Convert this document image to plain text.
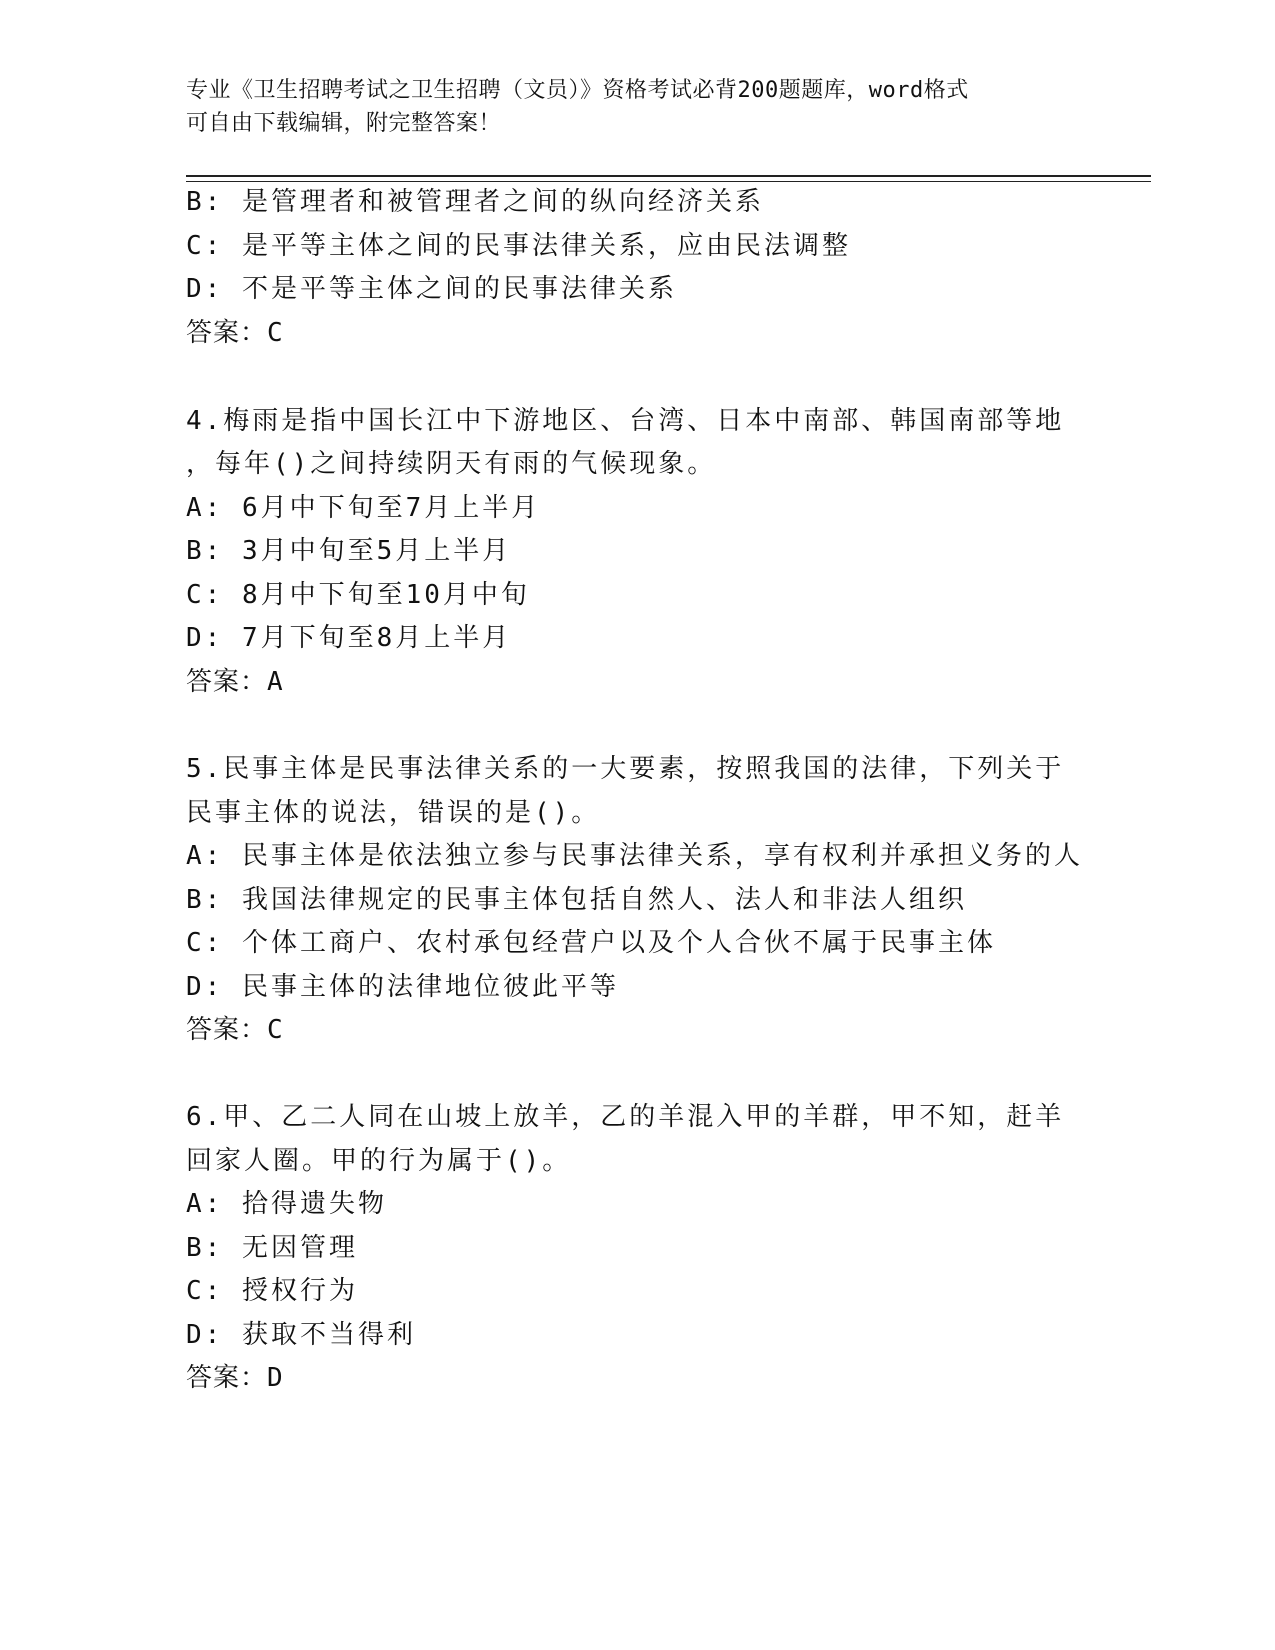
专业《卫生招聘考试之卫生招聘（文员）》资格考试必背200题题库，word格式
可自由下载编辑，附完整答案！
B: 是管理者和被管理者之间的纵向经济关系
C: 是平等主体之间的民事法律关系，应由民法调整
D: 不是平等主体之间的民事法律关系
答案：C
4.梅雨是指中国长江中下游地区、台湾、日本中南部、韩国南部等地
，每年()之间持续阴天有雨的气候现象。
A: 6月中下旬至7月上半月
B: 3月中旬至5月上半月
C: 8月中下旬至10月中旬
D: 7月下旬至8月上半月
答案：A
5.民事主体是民事法律关系的一大要素，按照我国的法律，下列关于
民事主体的说法，错误的是()。
A: 民事主体是依法独立参与民事法律关系，享有权利并承担义务的人
B: 我国法律规定的民事主体包括自然人、法人和非法人组织
C: 个体工商户、农村承包经营户以及个人合伙不属于民事主体
D: 民事主体的法律地位彼此平等
答案：C
6.甲、乙二人同在山坡上放羊，乙的羊混入甲的羊群，甲不知，赶羊
回家人圈。甲的行为属于()。
A: 拾得遗失物
B: 无因管理
C: 授权行为
D: 获取不当得利
答案：D
